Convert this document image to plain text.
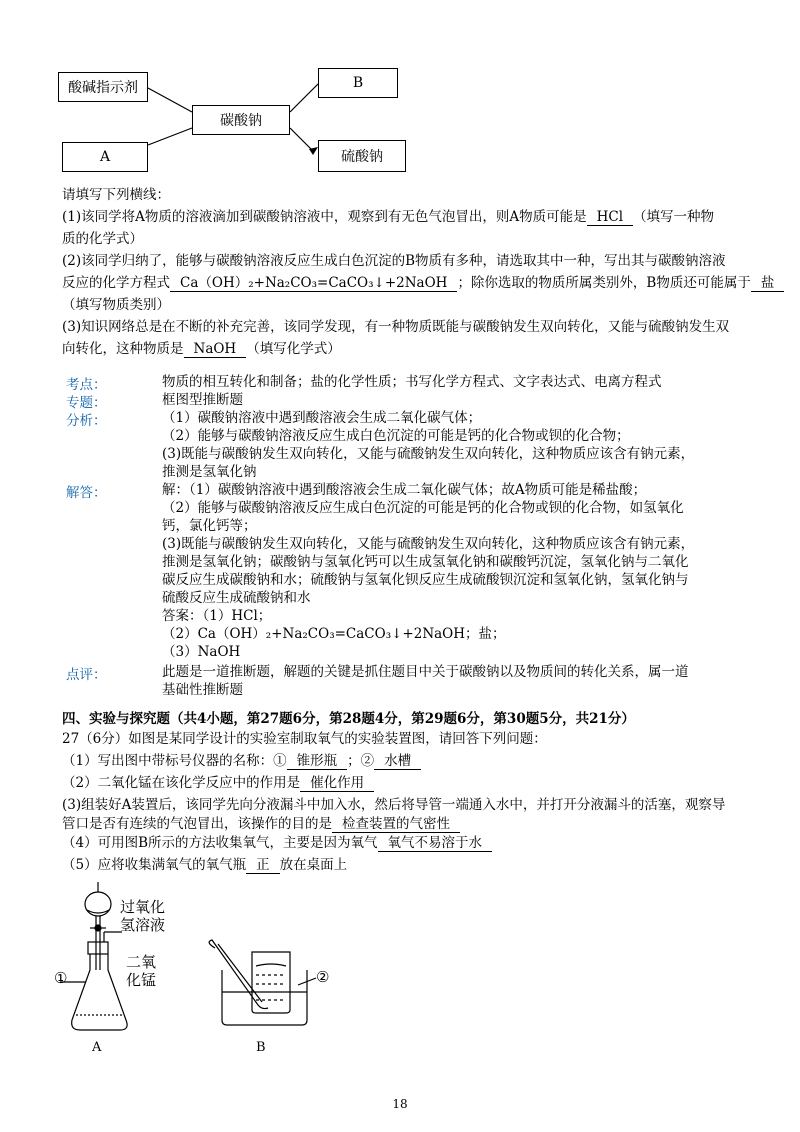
酸碱指示剂	B
碳酸钠
A	硫酸钠
请填写下列横线：
(1)该同学将A物质的溶液滴加到碳酸钠溶液中，观察到有无色气泡冒出，则A物质可能是 HCl （填写一种物
质的化学式）
(2)该同学归纳了，能够与碳酸钠溶液反应生成白色沉淀的B物质有多种，请选取其中一种，写出其与碳酸钠溶液
反应的化学方程式 Ca（OH）₂+Na₂CO₃=CaCO₃↓+2NaOH ；除你选取的物质所属类别外，B物质还可能属于 盐
（填写物质类别）
(3)知识网络总是在不断的补充完善，该同学发现，有一种物质既能与碳酸钠发生双向转化，又能与硫酸钠发生双
向转化，这种物质是 NaOH （填写化学式）
考点：	物质的相互转化和制备；盐的化学性质；书写化学方程式、文字表达式、电离方程式
专题：	框图型推断题
分析：	（1）碳酸钠溶液中遇到酸溶液会生成二氧化碳气体；
（2）能够与碳酸钠溶液反应生成白色沉淀的可能是钙的化合物或钡的化合物；
(3)既能与碳酸钠发生双向转化，又能与硫酸钠发生双向转化，这种物质应该含有钠元素，
推测是氢氧化钠
解答：	解：（1）碳酸钠溶液中遇到酸溶液会生成二氧化碳气体；故A物质可能是稀盐酸；
（2）能够与碳酸钠溶液反应生成白色沉淀的可能是钙的化合物或钡的化合物，如氢氧化
钙，氯化钙等；
(3)既能与碳酸钠发生双向转化，又能与硫酸钠发生双向转化，这种物质应该含有钠元素，
推测是氢氧化钠；碳酸钠与氢氧化钙可以生成氢氧化钠和碳酸钙沉淀，氢氧化钠与二氧化
碳反应生成碳酸钠和水；硫酸钠与氢氧化钡反应生成硫酸钡沉淀和氢氧化钠，氢氧化钠与
硫酸反应生成硫酸钠和水
答案：（1）HCl；
（2）Ca（OH）₂+Na₂CO₃=CaCO₃↓+2NaOH；盐；
（3）NaOH
点评：	此题是一道推断题，解题的关键是抓住题目中关于碳酸钠以及物质间的转化关系，属一道
基础性推断题
四、实验与探究题（共4小题，第27题6分，第28题4分，第29题6分，第30题5分，共21分）
27（6分）如图是某同学设计的实验室制取氧气的实验装置图，请回答下列问题：
（1）写出图中带标号仪器的名称：① 锥形瓶 ；② 水槽
（2）二氧化锰在该化学反应中的作用是 催化作用
(3)组装好A装置后，该同学先向分液漏斗中加入水，然后将导管一端通入水中，并打开分液漏斗的活塞，观察导
管口是否有连续的气泡冒出，该操作的目的是 检查装置的气密性
（4）可用图B所示的方法收集氧气，主要是因为氧气 氧气不易溶于水
（5）应将收集满氧气的氧气瓶 正 放在桌面上
过氧化
氢溶液
二氧
化锰
①	②
A	B
18
